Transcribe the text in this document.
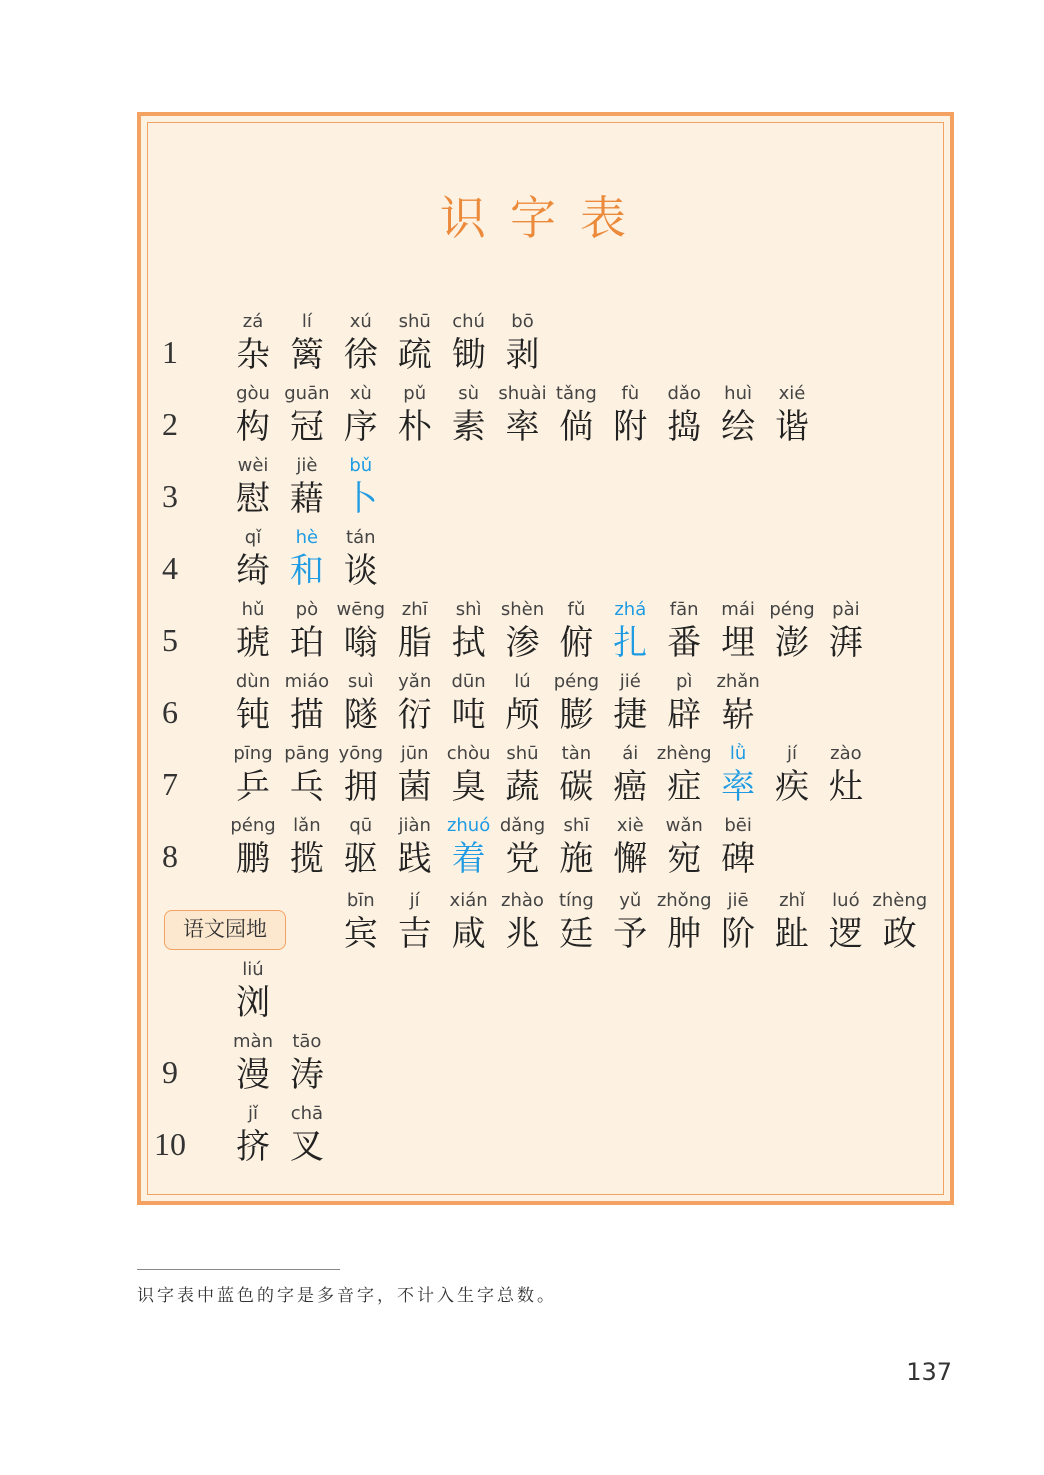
识字表
1
zá
杂
lí
篱
xú
徐
shū
疏
chú
锄
bō
剥
2
gòu
构
guān
冠
xù
序
pǔ
朴
sù
素
shuài
率
tǎng
倘
fù
附
dǎo
捣
huì
绘
xié
谐
3
wèi
慰
jiè
藉
bǔ
卜
4
qǐ
绮
hè
和
tán
谈
5
hǔ
琥
pò
珀
wēng
嗡
zhī
脂
shì
拭
shèn
渗
fǔ
俯
zhá
扎
fān
番
mái
埋
péng
澎
pài
湃
6
dùn
钝
miáo
描
suì
隧
yǎn
衍
dūn
吨
lú
颅
péng
膨
jié
捷
pì
辟
zhǎn
崭
7
pīng
乒
pāng
乓
yōng
拥
jūn
菌
chòu
臭
shū
蔬
tàn
碳
ái
癌
zhèng
症
lǜ
率
jí
疾
zào
灶
8
péng
鹏
lǎn
揽
qū
驱
jiàn
践
zhuó
着
dǎng
党
shī
施
xiè
懈
wǎn
宛
bēi
碑
bīn
宾
jí
吉
xián
咸
zhào
兆
tíng
廷
yǔ
予
zhǒng
肿
jiē
阶
zhǐ
趾
luó
逻
zhèng
政
liú
浏
9
màn
漫
tāo
涛
10
jǐ
挤
chā
叉
语文园地
识字表中蓝色的字是多音字，不计入生字总数。
137
